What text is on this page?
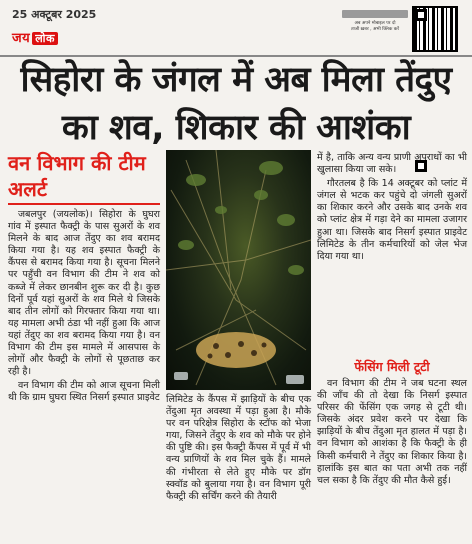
25 अक्टूबर 2025
जय लोक
अब अपने मोबाइल पर दो
ताजी ख़बर , अभी क्लिक करें
सिहोरा के जंगल में अब मिला तेंदुए
का शव, शिकार की आशंका
वन विभाग की टीम अलर्ट

जबलपुर (जयलोक)। सिहोरा के घुघरा गांव में इस्पात फैक्ट्री के पास सुअरों के शव मिलने के बाद आज तेंदुए का शव बरामद किया गया है। यह शव इस्पात फैक्ट्री के कैंपस से बरामद किया गया है। सूचना मिलने पर पहुँची वन विभाग की टीम ने शव को कब्जे में लेकर छानबीन शुरू कर दी है। कुछ दिनों पूर्व यहां सुअरों के शव मिले थे जिसके बाद तीन लोगों को गिरफ्तार किया गया था। यह मामला अभी ठंडा भी नहीं हुआ कि आज यहां तेंदुए का शव बरामद किया गया है। वन विभाग की टीम इस मामले में आसपास के लोगों और फैक्ट्री के लोगों से पूछताछ कर रही है।

वन विभाग की टीम को आज सूचना मिली थी कि ग्राम घुघरा स्थित निसर्ग इस्पात प्राइवेट लिमिटेड के कैंपस में झाड़ियों के बीच एक तेंदुआ मृत अवस्था में पड़ा हुआ है। मौके पर वन परिक्षेत्र सिहोरा के स्टॉफ को भेजा गया, जिसने तेंदुए के शव को मौके पर होने की पुष्टि की। इस फैक्ट्री कैंपस में पूर्व में भी वन्य प्राणियों के शव मिल चुके हैं। मामले की गंभीरता से लेते हुए मौके पर डॉग स्क्वॉड को बुलाया गया है। वन विभाग पूरी फैक्ट्री की सर्चिंग करने की तैयारी

में है, ताकि अन्य वन्य प्राणी अपराधों का भी खुलासा किया जा सके।

गौरतलब है कि 14 अक्टूबर को प्लांट में जंगल से भटक कर पहुंचे दो जंगली सुअरों का शिकार करने और उसके बाद उनके शव को प्लांट क्षेत्र में गड़ा देने का मामला उजागर हुआ था। जिसके बाद निसर्ग इस्पात प्राइवेट लिमिटेड के तीन कर्मचारियों को जेल भेज दिया गया था।

फेंसिंग मिली टूटी

वन विभाग की टीम ने जब घटना स्थल की जाँच की तो देखा कि निसर्ग इस्पात परिसर की फेंसिंग एक जगह से टूटी थी। जिसके अंदर प्रवेश करने पर देखा कि झाड़ियों के बीच तेंदुआ मृत हालत में पड़ा है। वन विभाग को आशंका है कि फैक्ट्री के ही किसी कर्मचारी ने तेंदुए का शिकार किया है। हालांकि इस बात का पता अभी तक नहीं चल सका है कि तेंदुए की मौत कैसे हुई।
